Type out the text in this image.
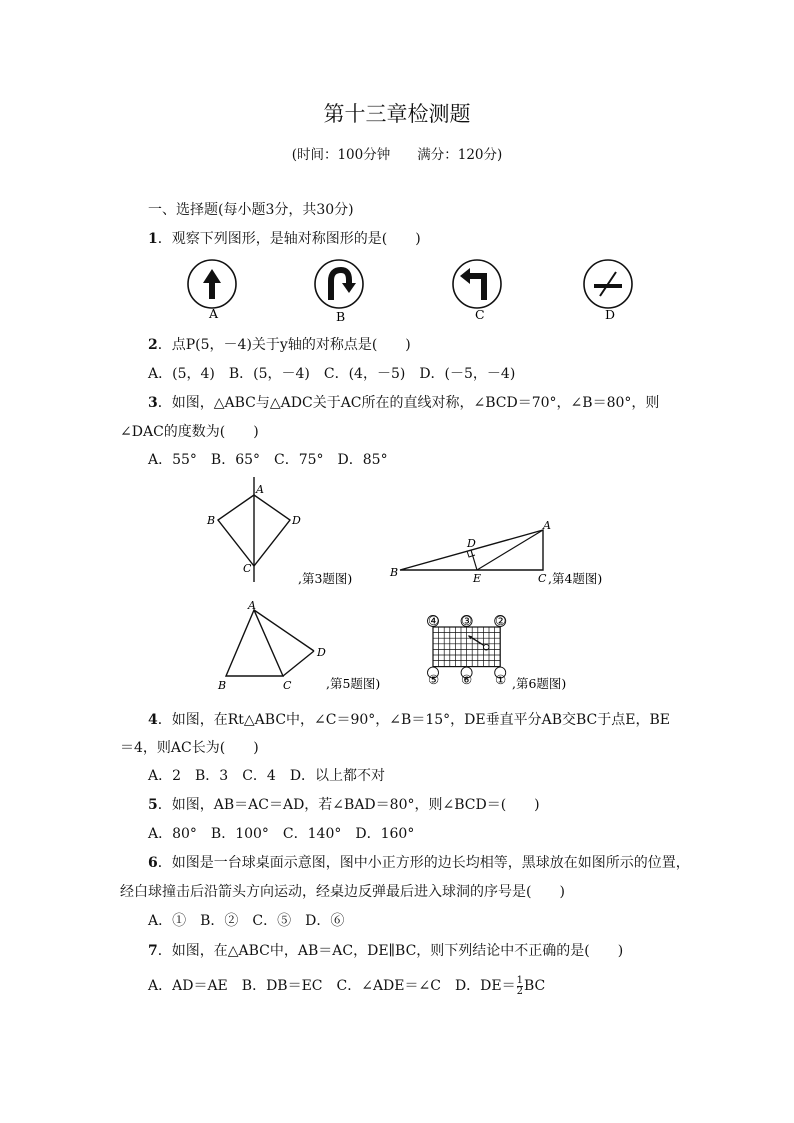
第十三章检测题
(时间：100分钟　　满分：120分)
一、选择题(每小题3分，共30分)
1．观察下列图形，是轴对称图形的是(　　)
A	B	C	D
2．点P(5，－4)关于y轴的对称点是(　　)
A．(5，4)　B．(5，－4)　C．(4，－5)　D．(－5，－4)
3．如图，△ABC与△ADC关于AC所在的直线对称，∠BCD＝70°，∠B＝80°，则
∠DAC的度数为(　　)
A．55°　B．65°　C．75°　D．85°
A
B
C
D
,第3题图)
A
B	C
D
E	,第4题图)
A
B	C
D
,第5题图)
④ ③ ②
⑤ ⑥ ① ,第6题图)
4．如图，在Rt△ABC中，∠C＝90°，∠B＝15°，DE垂直平分AB交BC于点E，BE
＝4，则AC长为(　　)
A．2　B．3　C．4　D．以上都不对
5．如图，AB＝AC＝AD，若∠BAD＝80°，则∠BCD＝(　　)
A．80°　B．100°　C．140°　D．160°
6．如图是一台球桌面示意图，图中小正方形的边长均相等，黑球放在如图所示的位置，
经白球撞击后沿箭头方向运动，经桌边反弹最后进入球洞的序号是(　　)
A．①　B．②　C．⑤　D．⑥
7．如图，在△ABC中，AB＝AC，DE∥BC，则下列结论中不正确的是(　　)
A．AD＝AE　B．DB＝EC　C．∠ADE＝∠C　D．$DE= \frac{1}{2}$ BC
